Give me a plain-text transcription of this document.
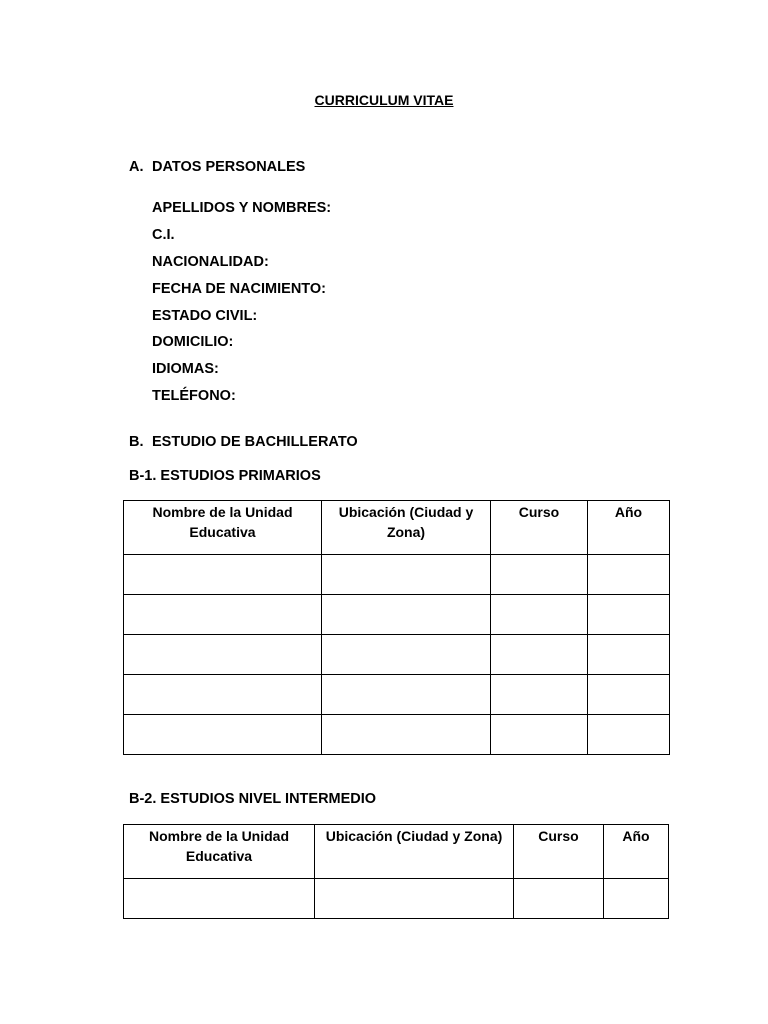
CURRICULUM VITAE
A. DATOS PERSONALES
APELLIDOS Y NOMBRES:
C.I.
NACIONALIDAD:
FECHA DE NACIMIENTO:
ESTADO CIVIL:
DOMICILIO:
IDIOMAS:
TELÉFONO:
B. ESTUDIO DE BACHILLERATO
B-1. ESTUDIOS PRIMARIOS
Nombre de la Unidad Educativa	Ubicación (Ciudad y Zona)	Curso	Año

B-2. ESTUDIOS NIVEL INTERMEDIO
Nombre de la Unidad Educativa	Ubicación (Ciudad y Zona)	Curso	Año
